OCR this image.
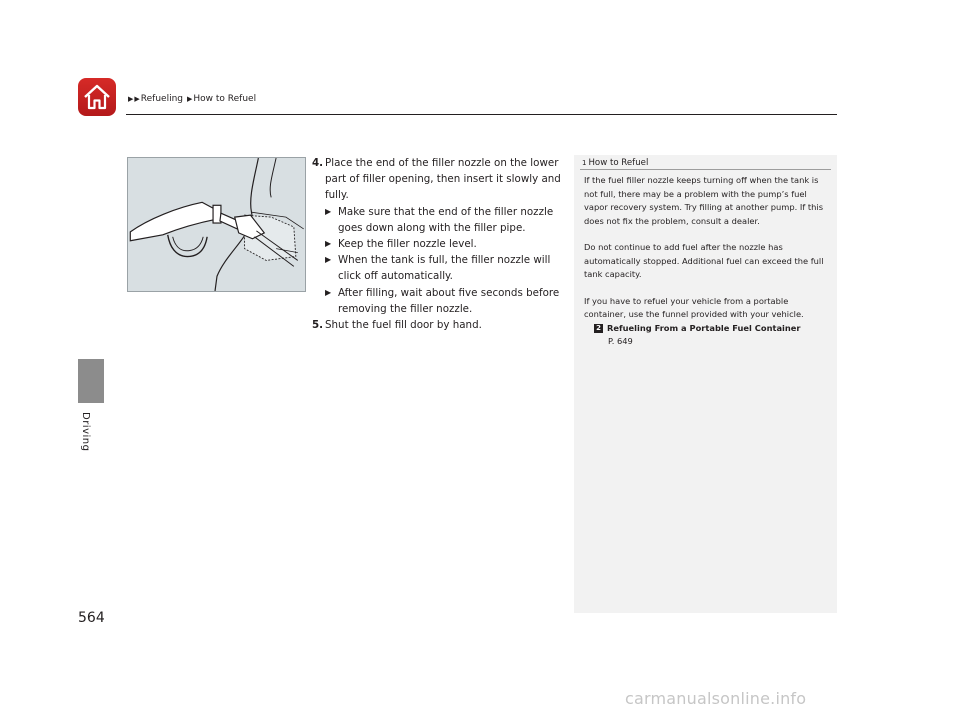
▶ ▶ Refueling ▶ How to Refuel
Driving
4. Place the end of the filler nozzle on the lower part of filler opening, then insert it slowly and fully.
▶ Make sure that the end of the filler nozzle goes down along with the filler pipe.
▶ Keep the filler nozzle level.
▶ When the tank is full, the filler nozzle will click off automatically.
▶ After filling, wait about five seconds before removing the filler nozzle.
5. Shut the fuel fill door by hand.
1 How to Refuel

If the fuel filler nozzle keeps turning off when the tank is not full, there may be a problem with the pump’s fuel vapor recovery system. Try filling at another pump. If this does not fix the problem, consult a dealer.

Do not continue to add fuel after the nozzle has automatically stopped. Additional fuel can exceed the full tank capacity.

If you have to refuel your vehicle from a portable container, use the funnel provided with your vehicle.

2 Refueling From a Portable Fuel Container
P. 649
564
carmanualsonline.info
